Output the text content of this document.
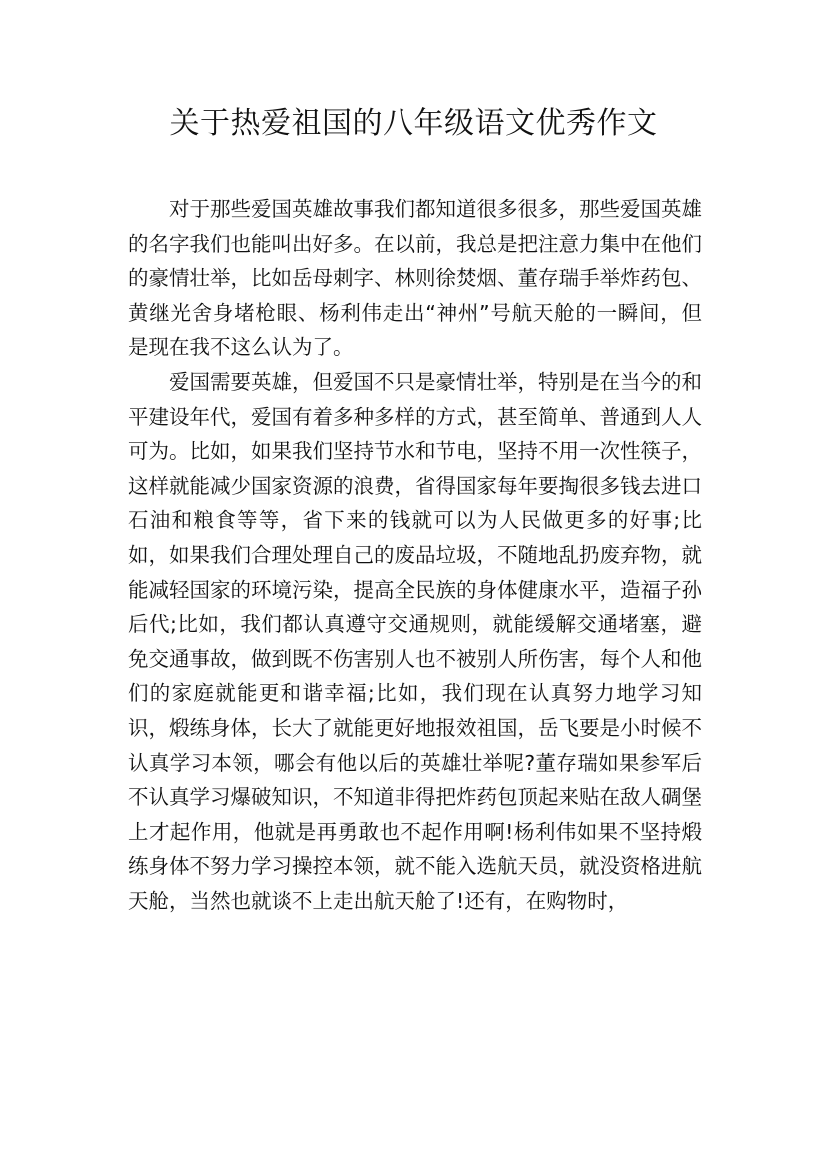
关于热爱祖国的八年级语文优秀作文

对于那些爱国英雄故事我们都知道很多很多，那些爱国英雄的名字我们也能叫出好多。在以前，我总是把注意力集中在他们的豪情壮举，比如岳母刺字、林则徐焚烟、董存瑞手举炸药包、黄继光舍身堵枪眼、杨利伟走出“神州”号航天舱的一瞬间，但是现在我不这么认为了。

爱国需要英雄，但爱国不只是豪情壮举，特别是在当今的和平建设年代，爱国有着多种多样的方式，甚至简单、普通到人人可为。比如，如果我们坚持节水和节电，坚持不用一次性筷子，这样就能减少国家资源的浪费，省得国家每年要掏很多钱去进口石油和粮食等等，省下来的钱就可以为人民做更多的好事;比如，如果我们合理处理自己的废品垃圾，不随地乱扔废弃物，就能减轻国家的环境污染，提高全民族的身体健康水平，造福子孙后代;比如，我们都认真遵守交通规则，就能缓解交通堵塞，避免交通事故，做到既不伤害别人也不被别人所伤害，每个人和他们的家庭就能更和谐幸福;比如，我们现在认真努力地学习知识，煅练身体，长大了就能更好地报效祖国，岳飞要是小时候不认真学习本领，哪会有他以后的英雄壮举呢?董存瑞如果参军后不认真学习爆破知识，不知道非得把炸药包顶起来贴在敌人碉堡上才起作用，他就是再勇敢也不起作用啊!杨利伟如果不坚持煅练身体不努力学习操控本领，就不能入选航天员，就没资格进航天舱，当然也就谈不上走出航天舱了!还有，在购物时，
